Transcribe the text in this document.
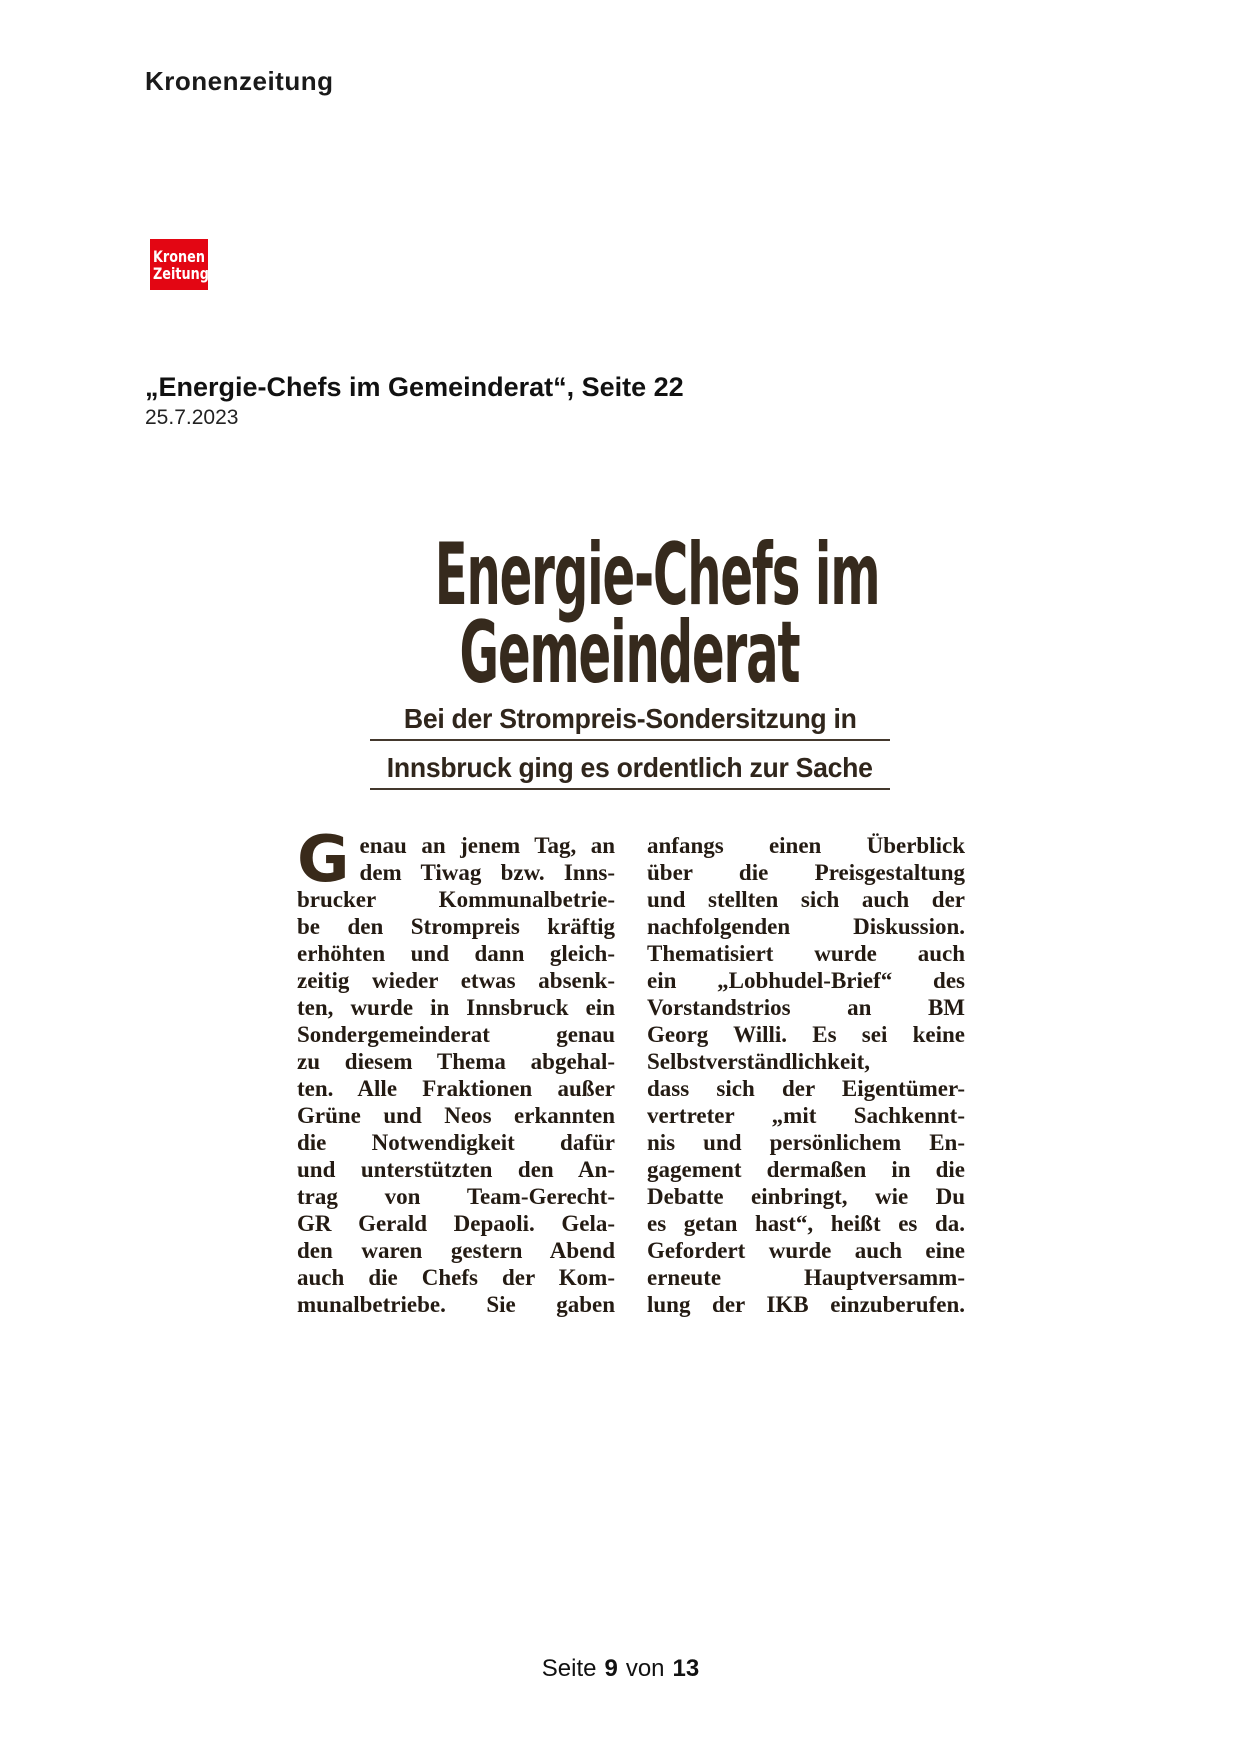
Kronenzeitung
Kronen
Zeitung
„Energie-Chefs im Gemeinderat“, Seite 22
25.7.2023
Energie-Chefs im
Gemeinderat
Bei der Strompreis-Sondersitzung in
Innsbruck ging es ordentlich zur Sache
G enau an jenem Tag, an
dem Tiwag bzw. Inns-
brucker Kommunalbetrie-
be den Strompreis kräftig
erhöhten und dann gleich-
zeitig wieder etwas absenk-
ten, wurde in Innsbruck ein
Sondergemeinderat genau
zu diesem Thema abgehal-
ten. Alle Fraktionen außer
Grüne und Neos erkannten
die Notwendigkeit dafür
und unterstützten den An-
trag von Team-Gerecht-
GR Gerald Depaoli. Gela-
den waren gestern Abend
auch die Chefs der Kom-
munalbetriebe. Sie gaben
anfangs einen Überblick
über die Preisgestaltung
und stellten sich auch der
nachfolgenden Diskussion.
Thematisiert wurde auch
ein „Lobhudel-Brief“ des
Vorstandstrios an BM
Georg Willi. Es sei keine
Selbstverständlichkeit,
dass sich der Eigentümer-
vertreter „mit Sachkennt-
nis und persönlichem En-
gagement dermaßen in die
Debatte einbringt, wie Du
es getan hast“, heißt es da.
Gefordert wurde auch eine
erneute Hauptversamm-
lung der IKB einzuberufen.
Seite 9 von 13
